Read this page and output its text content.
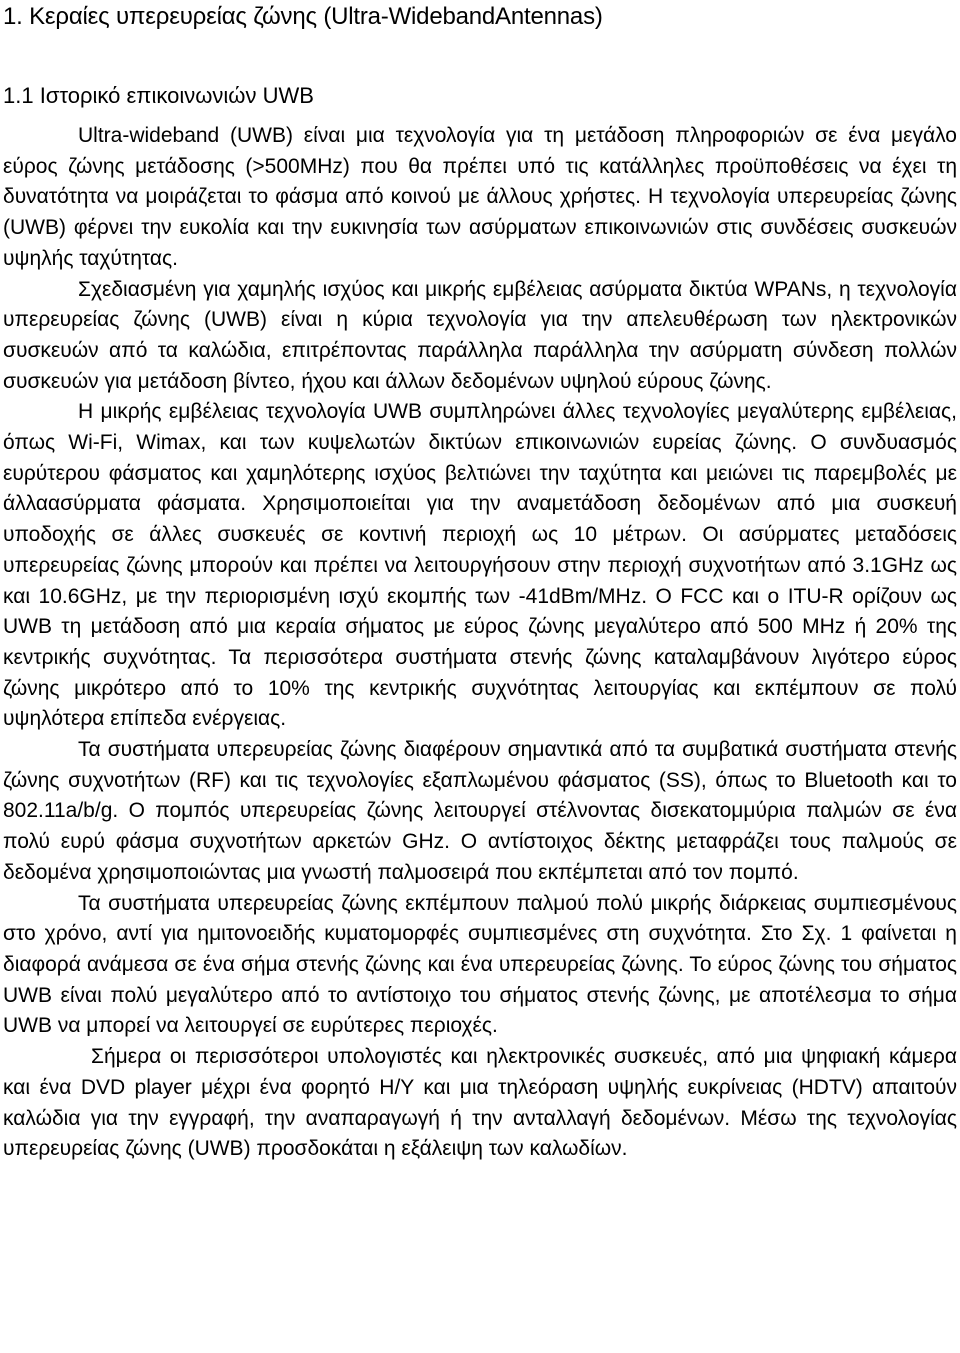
1. Κεραίες υπερευρείας ζώνης (Ultra-WidebandAntennas)
1.1 Ιστορικό επικοινωνιών UWB

Ultra-wideband (UWB) είναι μια τεχνολογία για τη μετάδοση πληροφοριών σε ένα μεγάλο εύρος ζώνης μετάδοσης (>500MHz) που θα πρέπει υπό τις κατάλληλες προϋποθέσεις να έχει τη δυνατότητα να μοιράζεται το φάσμα από κοινού με άλλους χρήστες. Η τεχνολογία υπερευρείας ζώνης (UWB) φέρνει την ευκολία και την ευκινησία των ασύρματων επικοινωνιών στις συνδέσεις συσκευών υψηλής ταχύτητας.

Σχεδιασμένη για χαμηλής ισχύος και μικρής εμβέλειας ασύρματα δικτύα WPANs, η τεχνολογία υπερευρείας ζώνης (UWB) είναι η κύρια τεχνολογία για την απελευθέρωση των ηλεκτρονικών συσκευών από τα καλώδια, επιτρέποντας παράλληλα παράλληλα την ασύρματη σύνδεση πολλών συσκευών για μετάδοση βίντεο, ήχου και άλλων δεδομένων υψηλού εύρους ζώνης.

Η μικρής εμβέλειας τεχνολογία UWB συμπληρώνει άλλες τεχνολογίες μεγαλύτερης εμβέλειας, όπως Wi-Fi, Wimax, και των κυψελωτών δικτύων επικοινωνιών ευρείας ζώνης. Ο συνδυασμός ευρύτερου φάσματος και χαμηλότερης ισχύος βελτιώνει την ταχύτητα και μειώνει τις παρεμβολές με άλλαασύρματα φάσματα. Χρησιμοποιείται για την αναμετάδοση δεδομένων από μια συσκευή υποδοχής σε άλλες συσκευές σε κοντινή περιοχή ως 10 μέτρων. Οι ασύρματες μεταδόσεις υπερευρείας ζώνης μπορούν και πρέπει να λειτουργήσουν στην περιοχή συχνοτήτων από 3.1GHz ως και 10.6GHz, με την περιορισμένη ισχύ εκομπής των -41dBm/MHz. Ο FCC και ο ITU-R ορίζουν ως UWB τη μετάδοση από μια κεραία σήματος με εύρος ζώνης μεγαλύτερο από 500 MHz ή 20% της κεντρικής συχνότητας. Τα περισσότερα συστήματα στενής ζώνης καταλαμβάνουν λιγότερο εύρος ζώνης μικρότερο από το 10% της κεντρικής συχνότητας λειτουργίας και εκπέμπουν σε πολύ υψηλότερα επίπεδα ενέργειας.

Τα συστήματα υπερευρείας ζώνης διαφέρουν σημαντικά από τα συμβατικά συστήματα στενής ζώνης συχνοτήτων (RF) και τις τεχνολογίες εξαπλωμένου φάσματος (SS), όπως το Bluetooth και το 802.11a/b/g. Ο πομπός υπερευρείας ζώνης λειτουργεί στέλνοντας δισεκατομμύρια παλμών σε ένα πολύ ευρύ φάσμα συχνοτήτων αρκετών GHz. Ο αντίστοιχος δέκτης μεταφράζει τους παλμούς σε δεδομένα χρησιμοποιώντας μια γνωστή παλμοσειρά που εκπέμπεται από τον πομπό.

Τα συστήματα υπερευρείας ζώνης εκπέμπουν παλμού πολύ μικρής διάρκειας συμπιεσμένους στο χρόνο, αντί για ημιτονοειδής κυματομορφές συμπιεσμένες στη συχνότητα. Στο Σχ. 1 φαίνεται η διαφορά ανάμεσα σε ένα σήμα στενής ζώνης και ένα υπερευρείας ζώνης. Το εύρος ζώνης του σήματος UWB είναι πολύ μεγαλύτερο από το αντίστοιχο του σήματος στενής ζώνης, με αποτέλεσμα το σήμα UWB να μπορεί να λειτουργεί σε ευρύτερες περιοχές.

Σήμερα οι περισσότεροι υπολογιστές και ηλεκτρονικές συσκευές, από μια ψηφιακή κάμερα και ένα DVD player μέχρι ένα φορητό Η/Υ και μια τηλεόραση υψηλής ευκρίνειας (HDTV) απαιτούν καλώδια για την εγγραφή, την αναπαραγωγή ή την ανταλλαγή δεδομένων. Μέσω της τεχνολογίας υπερευρείας ζώνης (UWB) προσδοκάται η εξάλειψη των καλωδίων.
